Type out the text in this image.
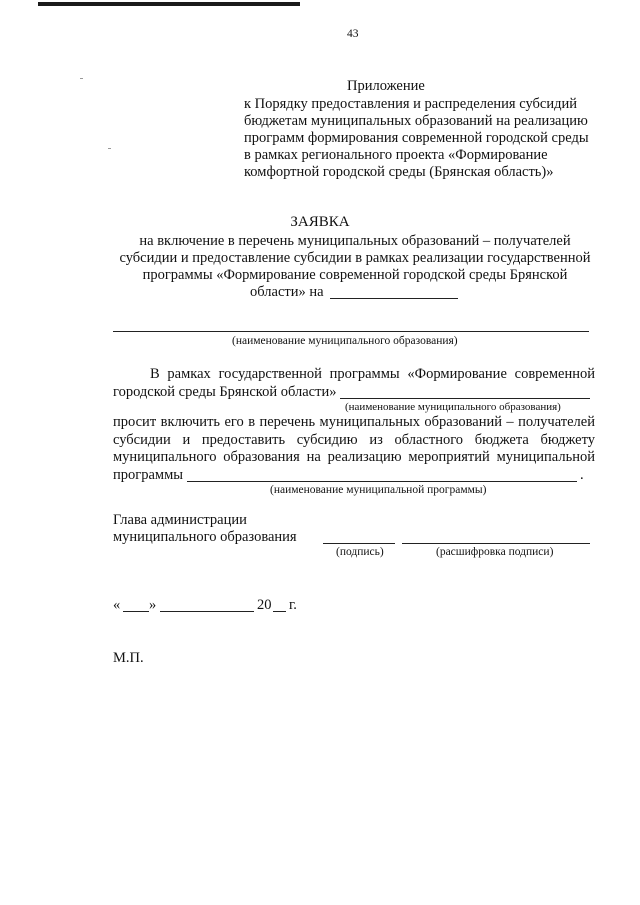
43
Приложение
к Порядку предоставления и распределения субсидий
бюджетам муниципальных образований на реализацию
программ формирования современной городской среды
в рамках регионального проекта «Формирование
комфортной городской среды (Брянская область)»
ЗАЯВКА
на включение в перечень муниципальных образований – получателей
субсидии и предоставление субсидии в рамках реализации государственной
программы «Формирование современной городской среды Брянской
области» на
(наименование муниципального образования)
В рамках государственной программы «Формирование современной
городской среды Брянской области»
(наименование муниципального образования)
просит включить его в перечень муниципальных образований – получателей
субсидии и предоставить субсидию из областного бюджета бюджету
муниципального образования на реализацию мероприятий муниципальной
программы	.
(наименование муниципальной программы)
Глава администрации
муниципального образования
(подпись)	(расшифровка подписи)
« »	20 г.
М.П.
